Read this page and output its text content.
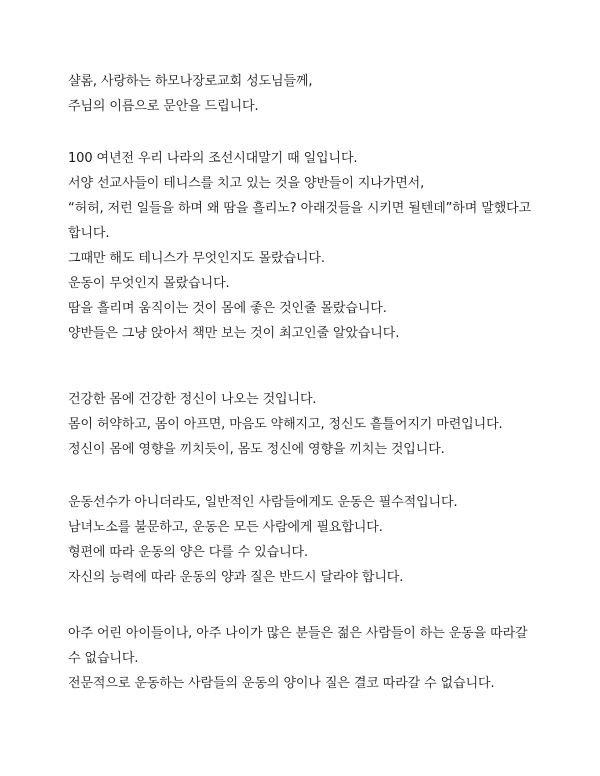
샬롬, 사랑하는 하모나장로교회 성도님들께,
주님의 이름으로 문안을 드립니다.
100 여년전 우리 나라의 조선시대말기 때 일입니다.
서양 선교사들이 테니스를 치고 있는 것을 양반들이 지나가면서,
“허허, 저런 일들을 하며 왜 땀을 흘리노? 아래것들을 시키면 될텐데”하며 말했다고
합니다.
그때만 해도 테니스가 무엇인지도 몰랐습니다.
운동이 무엇인지 몰랐습니다.
땀을 흘리며 움직이는 것이 몸에 좋은 것인줄 몰랐습니다.
양반들은 그냥 앉아서 책만 보는 것이 최고인줄 알았습니다.
건강한 몸에 건강한 정신이 나오는 것입니다.
몸이 허약하고, 몸이 아프면, 마음도 약해지고, 정신도 흩틀어지기 마련입니다.
정신이 몸에 영향을 끼치듯이, 몸도 정신에 영향을 끼치는 것입니다.
운동선수가 아니더라도, 일반적인 사람들에게도 운동은 필수적입니다.
남녀노소를 불문하고, 운동은 모든 사람에게 필요합니다.
형편에 따라 운동의 양은 다를 수 있습니다.
자신의 능력에 따라 운동의 양과 질은 반드시 달라야 합니다.
아주 어린 아이들이나, 아주 나이가 많은 분들은 젊은 사람들이 하는 운동을 따라갈
수 없습니다.
전문적으로 운동하는 사람들의 운동의 양이나 질은 결코 따라갈 수 없습니다.
